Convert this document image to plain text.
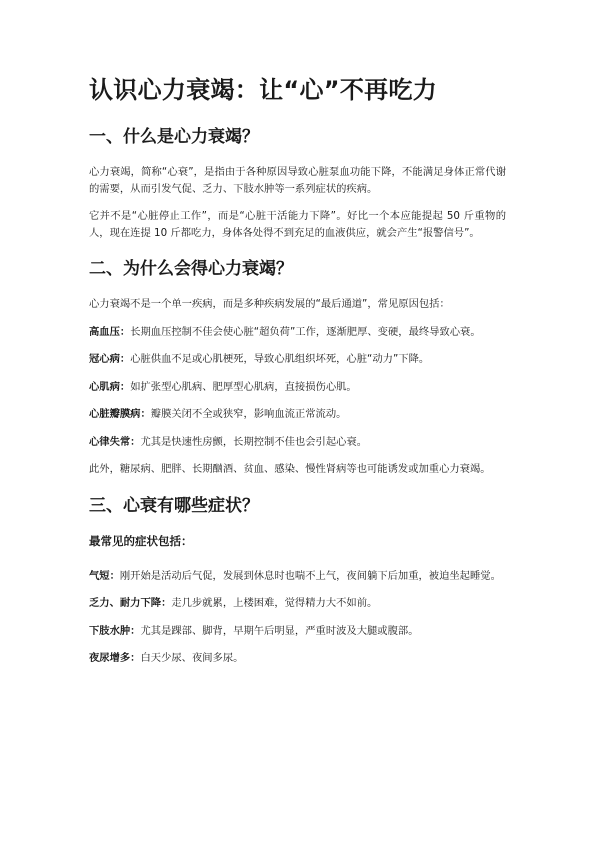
认识心力衰竭：让“心”不再吃力
一、什么是心力衰竭？

心力衰竭，简称“心衰”，是指由于各种原因导致心脏泵血功能下降，不能满足身体正常代谢的需要，从而引发气促、乏力、下肢水肿等一系列症状的疾病。

它并不是“心脏停止工作”，而是“心脏干活能力下降”。好比一个本应能提起 50 斤重物的人，现在连提 10 斤都吃力，身体各处得不到充足的血液供应，就会产生“报警信号”。

二、为什么会得心力衰竭？

心力衰竭不是一个单一疾病，而是多种疾病发展的“最后通道”，常见原因包括：

高血压：长期血压控制不佳会使心脏“超负荷”工作，逐渐肥厚、变硬，最终导致心衰。

冠心病：心脏供血不足或心肌梗死，导致心肌组织坏死，心脏“动力”下降。

心肌病：如扩张型心肌病、肥厚型心肌病，直接损伤心肌。

心脏瓣膜病：瓣膜关闭不全或狭窄，影响血流正常流动。

心律失常：尤其是快速性房颤，长期控制不佳也会引起心衰。

此外，糖尿病、肥胖、长期酗酒、贫血、感染、慢性肾病等也可能诱发或加重心力衰竭。

三、心衰有哪些症状？
最常见的症状包括：

气短：刚开始是活动后气促，发展到休息时也喘不上气，夜间躺下后加重，被迫坐起睡觉。

乏力、耐力下降：走几步就累，上楼困难，觉得精力大不如前。

下肢水肿：尤其是踝部、脚背，早期午后明显，严重时波及大腿或腹部。

夜尿增多：白天少尿、夜间多尿。
